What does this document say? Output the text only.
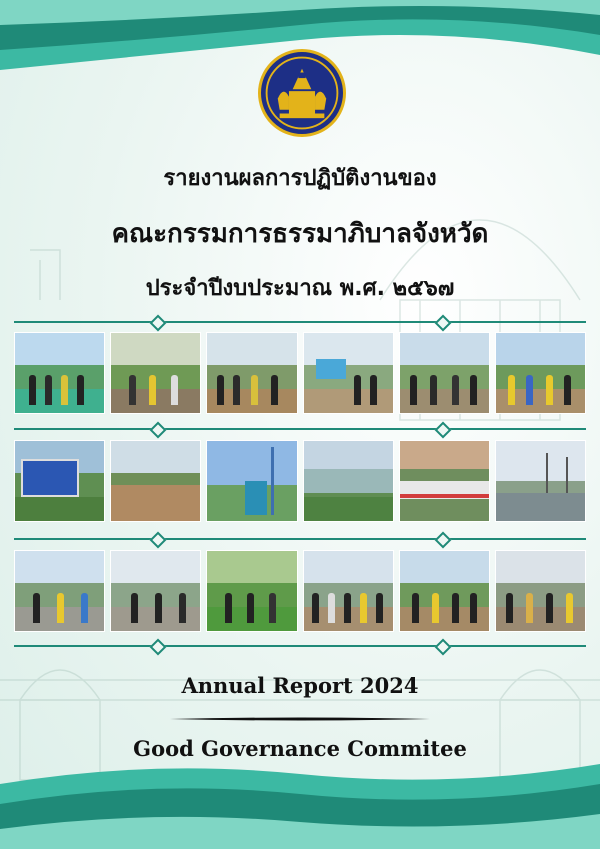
รายงานผลการปฏิบัติงานของ
คณะกรรมการธรรมาภิบาลจังหวัด
ประจำปีงบประมาณ พ.ศ. ๒๕๖๗
Annual Report 2024
Good Governance Commitee
